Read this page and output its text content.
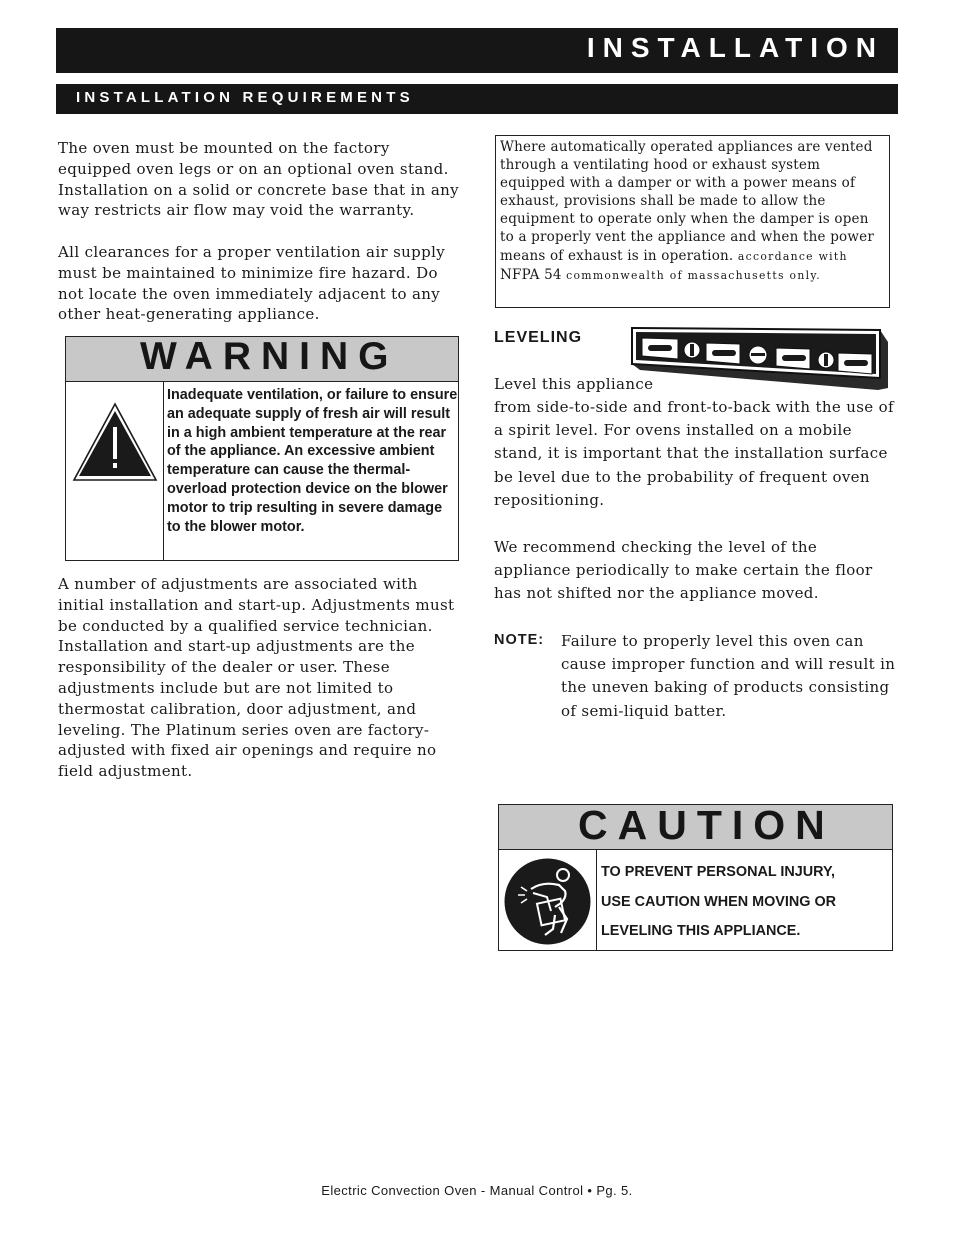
INSTALLATION
INSTALLATION REQUIREMENTS

The oven must be mounted on the factory equipped oven legs or on an optional oven stand. Installation on a solid or concrete base that in any way restricts air flow may void the warranty.

All clearances for a proper ventilation air supply must be maintained to minimize fire hazard. Do not locate the oven immediately adjacent to any other heat-generating appliance.

WARNING
Inadequate ventilation, or failure to ensure an adequate supply of fresh air will result in a high ambient temperature at the rear of the appliance. An excessive ambient temperature can cause the thermal-overload protection device on the blower motor to trip resulting in severe damage to the blower motor.

A number of adjustments are associated with initial installation and start-up. Adjustments must be conducted by a qualified service technician. Installation and start-up adjustments are the responsibility of the dealer or user. These adjustments include but are not limited to thermostat calibration, door adjustment, and leveling. The Platinum series oven are factory-adjusted with fixed air openings and require no field adjustment.

Where automatically operated appliances are vented through a ventilating hood or exhaust system equipped with a damper or with a power means of exhaust, provisions shall be made to allow the equipment to operate only when the damper is open to a properly vent the appliance and when the power means of exhaust is in operation. accordance with NFPA 54 commonwealth of massachusetts only.
LEVELING

Level this appliance

from side-to-side and front-to-back with the use of a spirit level. For ovens installed on a mobile stand, it is important that the installation surface be level due to the probability of frequent oven repositioning.

We recommend checking the level of the appliance periodically to make certain the floor has not shifted nor the appliance moved.

NOTE: Failure to properly level this oven can cause improper function and will result in the uneven baking of products consisting of semi-liquid batter.
CAUTION
TO PREVENT PERSONAL INJURY,
USE CAUTION WHEN MOVING OR
LEVELING THIS APPLIANCE.
Electric Convection Oven - Manual Control • Pg. 5.
